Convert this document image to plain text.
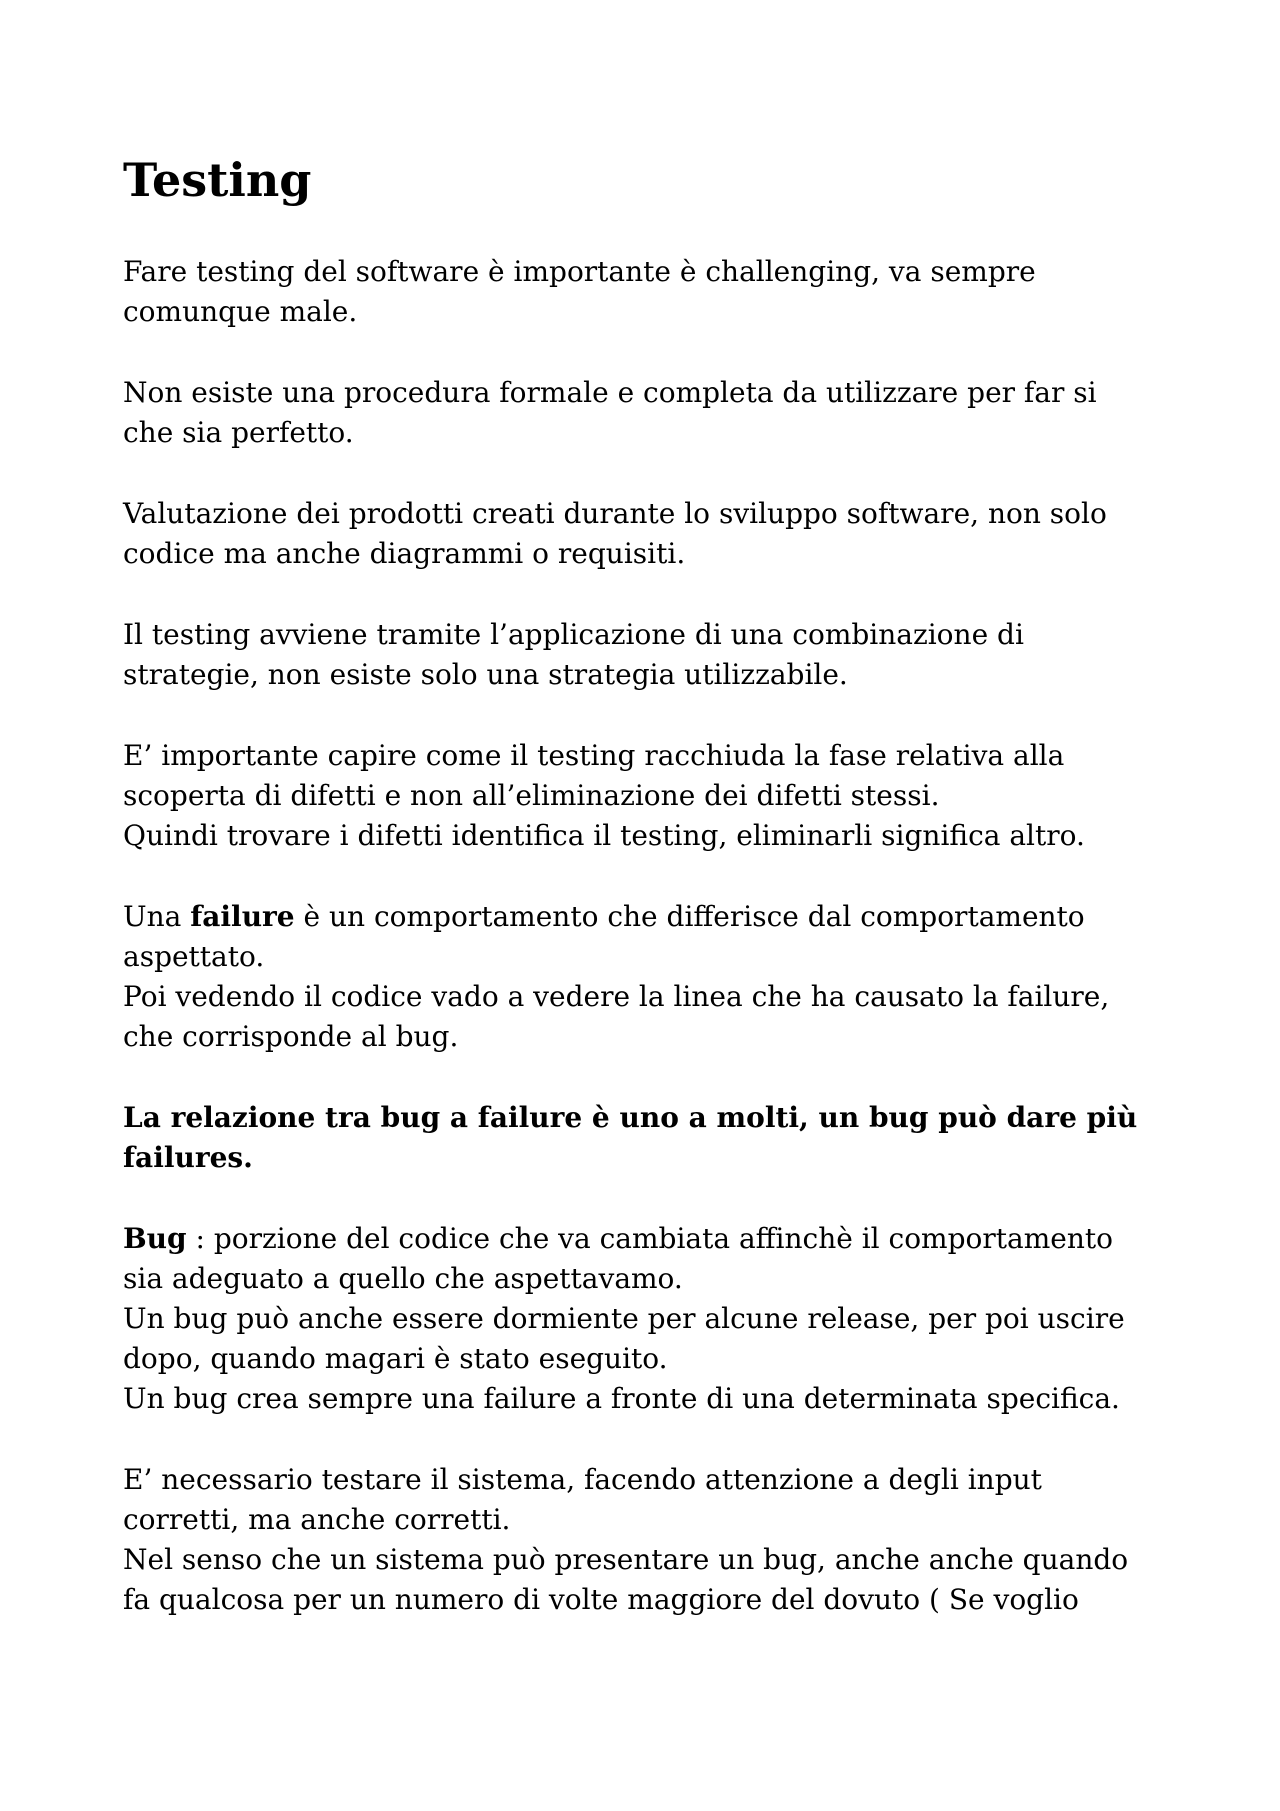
Testing

Fare testing del software è importante è challenging, va sempre
comunque male.

Non esiste una procedura formale e completa da utilizzare per far si
che sia perfetto.

Valutazione dei prodotti creati durante lo sviluppo software, non solo
codice ma anche diagrammi o requisiti.

Il testing avviene tramite l’applicazione di una combinazione di
strategie, non esiste solo una strategia utilizzabile.

E’ importante capire come il testing racchiuda la fase relativa alla
scoperta di difetti e non all’eliminazione dei difetti stessi.
Quindi trovare i difetti identifica il testing, eliminarli significa altro.

Una failure è un comportamento che differisce dal comportamento
aspettato.
Poi vedendo il codice vado a vedere la linea che ha causato la failure,
che corrisponde al bug.

La relazione tra bug a failure è uno a molti, un bug può dare più
failures.

Bug : porzione del codice che va cambiata affinchè il comportamento
sia adeguato a quello che aspettavamo.
Un bug può anche essere dormiente per alcune release, per poi uscire
dopo, quando magari è stato eseguito.
Un bug crea sempre una failure a fronte di una determinata specifica.

E’ necessario testare il sistema, facendo attenzione a degli input
corretti, ma anche corretti.
Nel senso che un sistema può presentare un bug, anche anche quando
fa qualcosa per un numero di volte maggiore del dovuto ( Se voglio
